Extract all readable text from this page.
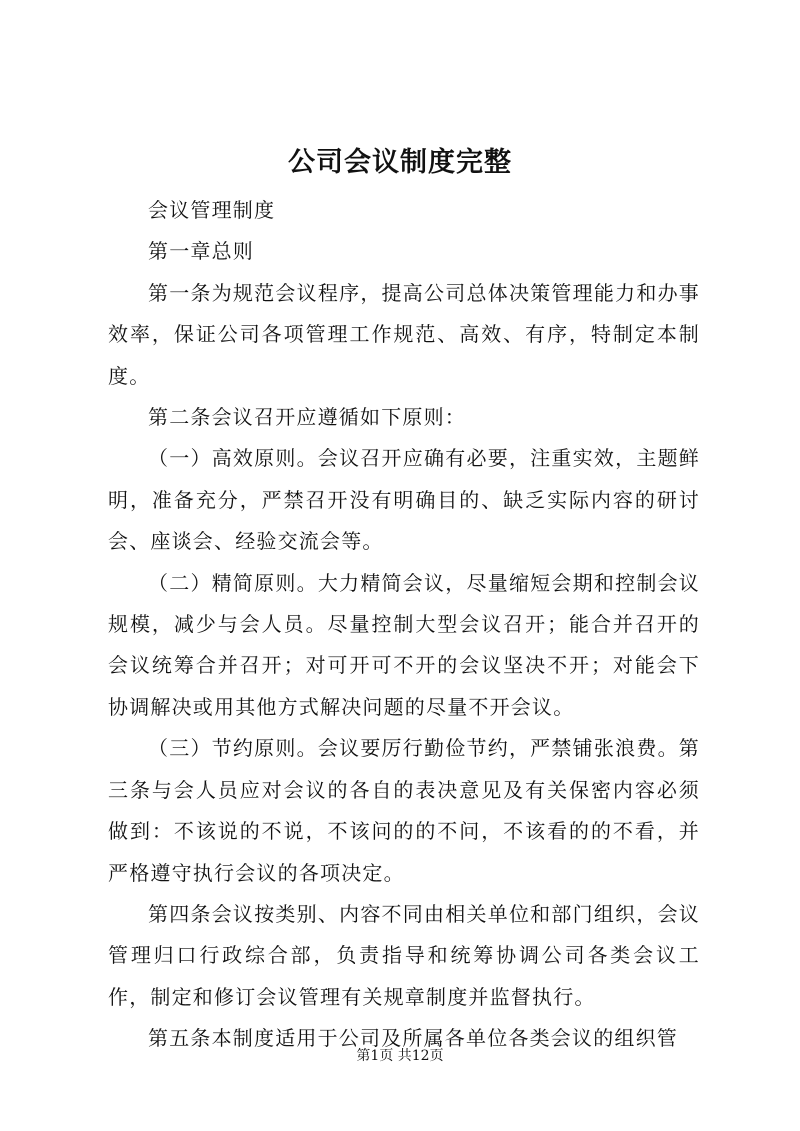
公司会议制度完整

会议管理制度

第一章总则

第一条为规范会议程序，提高公司总体决策管理能力和办事效率，保证公司各项管理工作规范、高效、有序，特制定本制度。

第二条会议召开应遵循如下原则：

（一）高效原则。会议召开应确有必要，注重实效，主题鲜明，准备充分，严禁召开没有明确目的、缺乏实际内容的研讨会、座谈会、经验交流会等。

（二）精简原则。大力精简会议，尽量缩短会期和控制会议规模，减少与会人员。尽量控制大型会议召开；能合并召开的会议统筹合并召开；对可开可不开的会议坚决不开；对能会下协调解决或用其他方式解决问题的尽量不开会议。

（三）节约原则。会议要厉行勤俭节约，严禁铺张浪费。第三条与会人员应对会议的各自的表决意见及有关保密内容必须做到：不该说的不说，不该问的的不问，不该看的的不看，并严格遵守执行会议的各项决定。

第四条会议按类别、内容不同由相关单位和部门组织，会议管理归口行政综合部，负责指导和统筹协调公司各类会议工作，制定和修订会议管理有关规章制度并监督执行。

第五条本制度适用于公司及所属各单位各类会议的组织管

第1页 共12页
